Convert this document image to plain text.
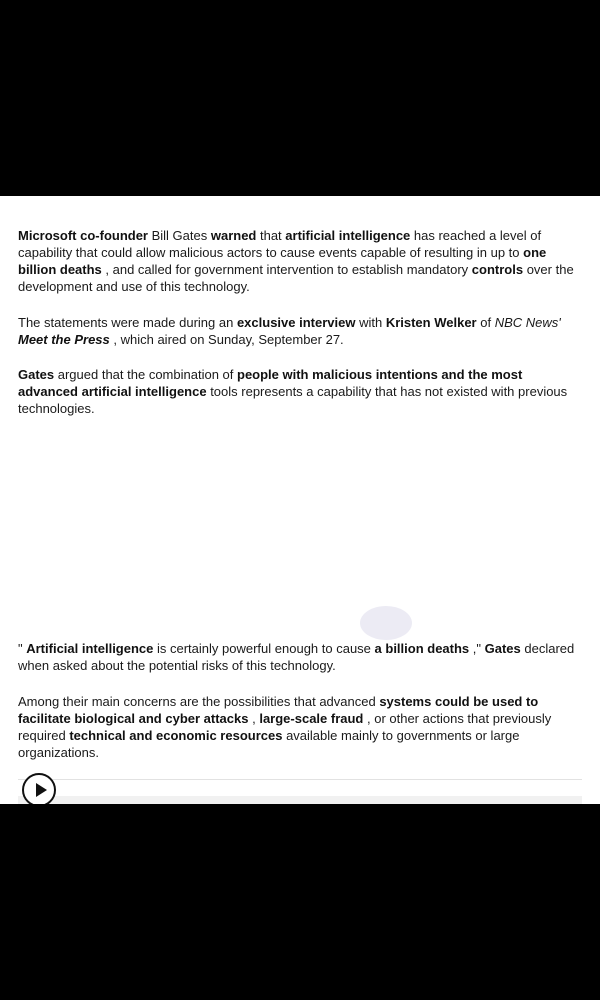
Microsoft co-founder Bill Gates warned that artificial intelligence has reached a level of capability that could allow malicious actors to cause events capable of resulting in up to one billion deaths , and called for government intervention to establish mandatory controls over the development and use of this technology.

The statements were made during an exclusive interview with Kristen Welker of NBC News'
Meet the Press , which aired on Sunday, September 27.

Gates argued that the combination of people with malicious intentions and the most advanced artificial intelligence tools represents a capability that has not existed with previous technologies.

" Artificial intelligence is certainly powerful enough to cause a billion deaths ," Gates declared when asked about the potential risks of this technology.

Among their main concerns are the possibilities that advanced systems could be used to facilitate biological and cyber attacks , large-scale fraud , or other actions that previously required technical and economic resources available mainly to governments or large organizations.
